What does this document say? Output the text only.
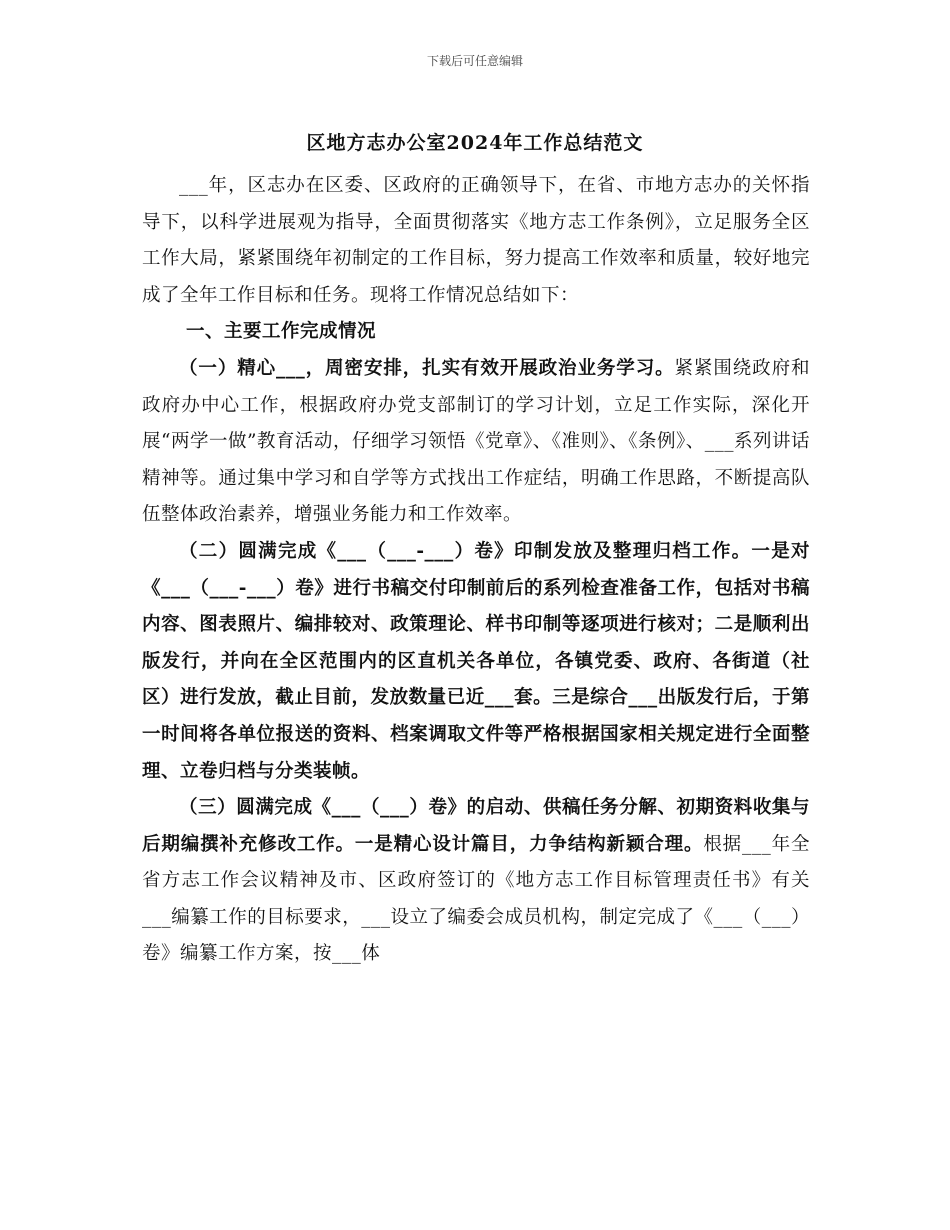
下载后可任意编辑
区地方志办公室2024年工作总结范文

___年，区志办在区委、区政府的正确领导下，在省、市地方志办的关怀指导下，以科学进展观为指导，全面贯彻落实《地方志工作条例》，立足服务全区工作大局，紧紧围绕年初制定的工作目标，努力提高工作效率和质量，较好地完成了全年工作目标和任务。现将工作情况总结如下：

一、主要工作完成情况

（一）精心___，周密安排，扎实有效开展政治业务学习。紧紧围绕政府和政府办中心工作，根据政府办党支部制订的学习计划，立足工作实际，深化开展“两学一做”教育活动，仔细学习领悟《党章》、《准则》、《条例》、___系列讲话精神等。通过集中学习和自学等方式找出工作症结，明确工作思路，不断提高队伍整体政治素养，增强业务能力和工作效率。

（二）圆满完成《___（___-___）卷》印制发放及整理归档工作。一是对《___（___-___）卷》进行书稿交付印制前后的系列检查准备工作，包括对书稿内容、图表照片、编排较对、政策理论、样书印制等逐项进行核对；二是顺利出版发行，并向在全区范围内的区直机关各单位，各镇党委、政府、各街道（社区）进行发放，截止目前，发放数量已近___套。三是综合___出版发行后，于第一时间将各单位报送的资料、档案调取文件等严格根据国家相关规定进行全面整理、立卷归档与分类装帧。

（三）圆满完成《___（___）卷》的启动、供稿任务分解、初期资料收集与后期编撰补充修改工作。一是精心设计篇目，力争结构新颖合理。根据___年全省方志工作会议精神及市、区政府签订的《地方志工作目标管理责任书》有关___编纂工作的目标要求，___设立了编委会成员机构，制定完成了《___（___）卷》编纂工作方案，按___体
